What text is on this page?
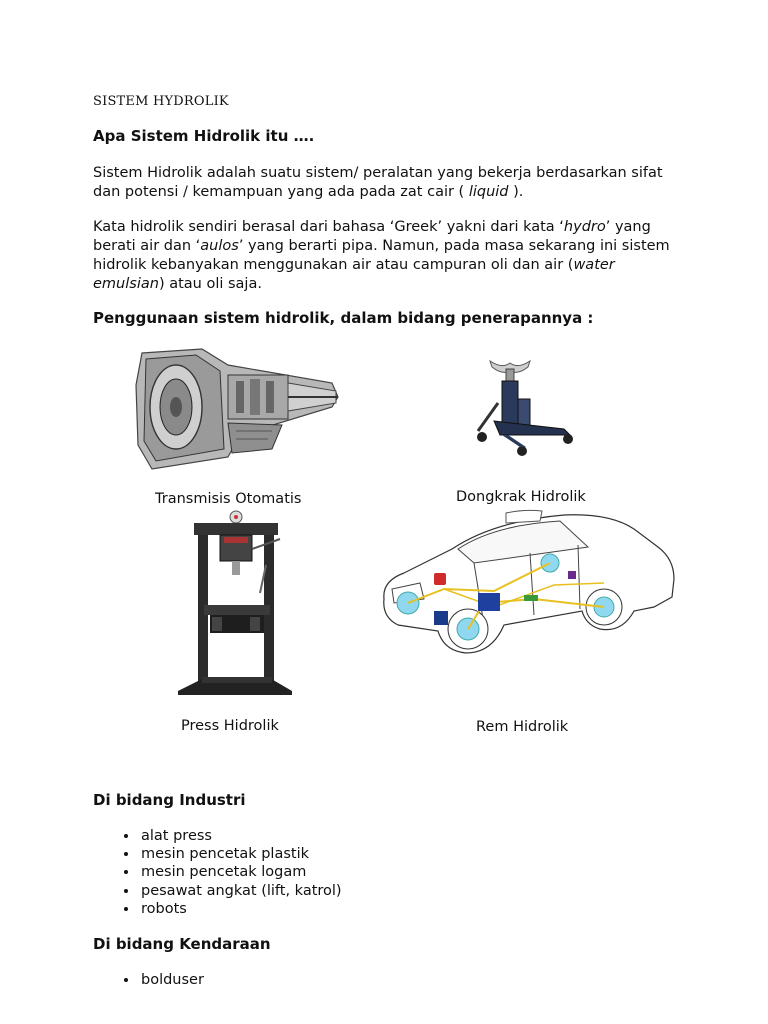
SISTEM HYDROLIK
Apa Sistem Hidrolik itu ….

Sistem Hidrolik adalah suatu sistem/ peralatan yang bekerja berdasarkan sifat dan potensi / kemampuan yang ada pada zat cair ( liquid ).

Kata hidrolik sendiri berasal dari bahasa ‘Greek’ yakni dari kata ‘hydro’ yang berati air dan ‘aulos’ yang berarti pipa. Namun, pada masa sekarang ini sistem hidrolik kebanyakan menggunakan air atau campuran oli dan air (water emulsian) atau oli saja.

Penggunaan sistem hidrolik, dalam bidang penerapannya :
Transmisis Otomatis	Dongkrak Hidrolik
Press Hidrolik	Rem Hidrolik
Di bidang Industri
• alat press
• mesin pencetak plastik
• mesin pencetak logam
• pesawat angkat (lift, katrol)
• robots
Di bidang Kendaraan
• bolduser
